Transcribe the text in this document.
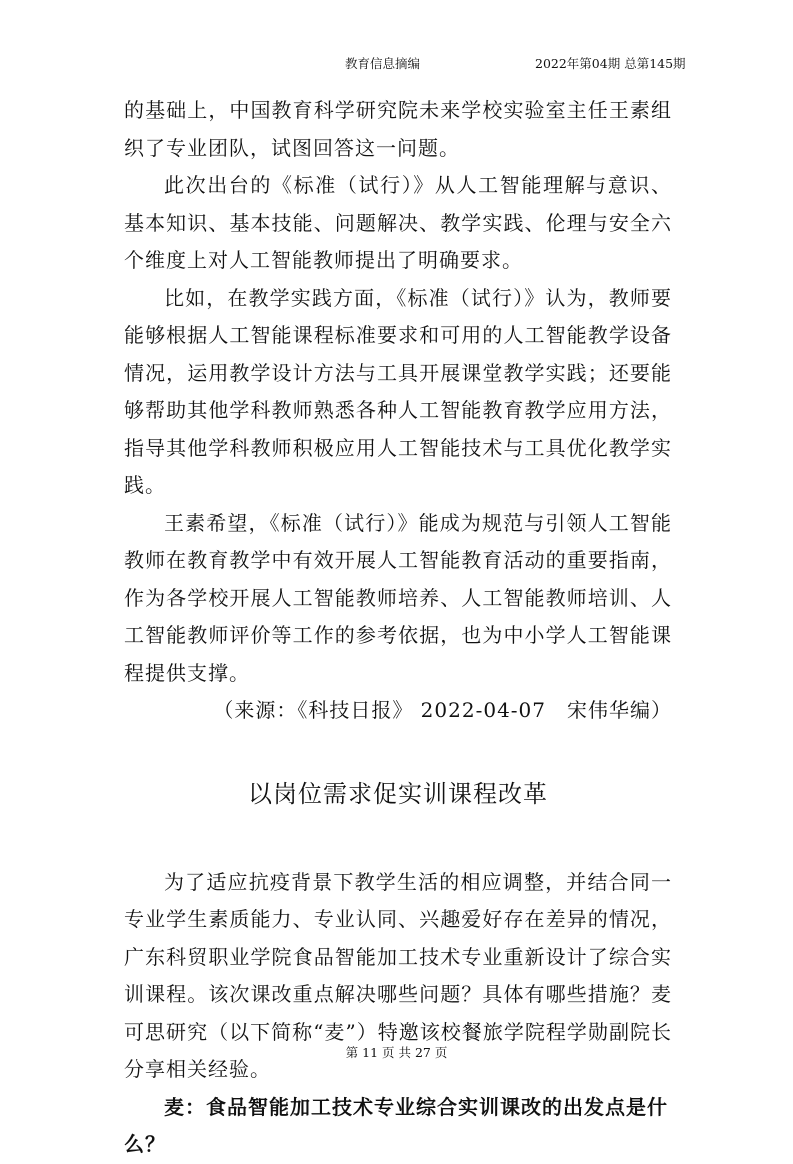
教育信息摘编	2022年第04期 总第145期

的基础上，中国教育科学研究院未来学校实验室主任王素组织了专业团队，试图回答这一问题。

此次出台的《标准（试行）》从人工智能理解与意识、基本知识、基本技能、问题解决、教学实践、伦理与安全六个维度上对人工智能教师提出了明确要求。

比如，在教学实践方面，《标准（试行）》认为，教师要能够根据人工智能课程标准要求和可用的人工智能教学设备情况，运用教学设计方法与工具开展课堂教学实践；还要能够帮助其他学科教师熟悉各种人工智能教育教学应用方法，指导其他学科教师积极应用人工智能技术与工具优化教学实践。

王素希望，《标准（试行）》能成为规范与引领人工智能教师在教育教学中有效开展人工智能教育活动的重要指南，作为各学校开展人工智能教师培养、人工智能教师培训、人工智能教师评价等工作的参考依据，也为中小学人工智能课程提供支撑。

（来源：《科技日报》 2022-04-07　宋伟华编）

以岗位需求促实训课程改革

为了适应抗疫背景下教学生活的相应调整，并结合同一专业学生素质能力、专业认同、兴趣爱好存在差异的情况，广东科贸职业学院食品智能加工技术专业重新设计了综合实训课程。该次课改重点解决哪些问题？具体有哪些措施？麦可思研究（以下简称“麦”）特邀该校餐旅学院程学勋副院长分享相关经验。

麦：食品智能加工技术专业综合实训课改的出发点是什么？

第 11 页 共 27 页
